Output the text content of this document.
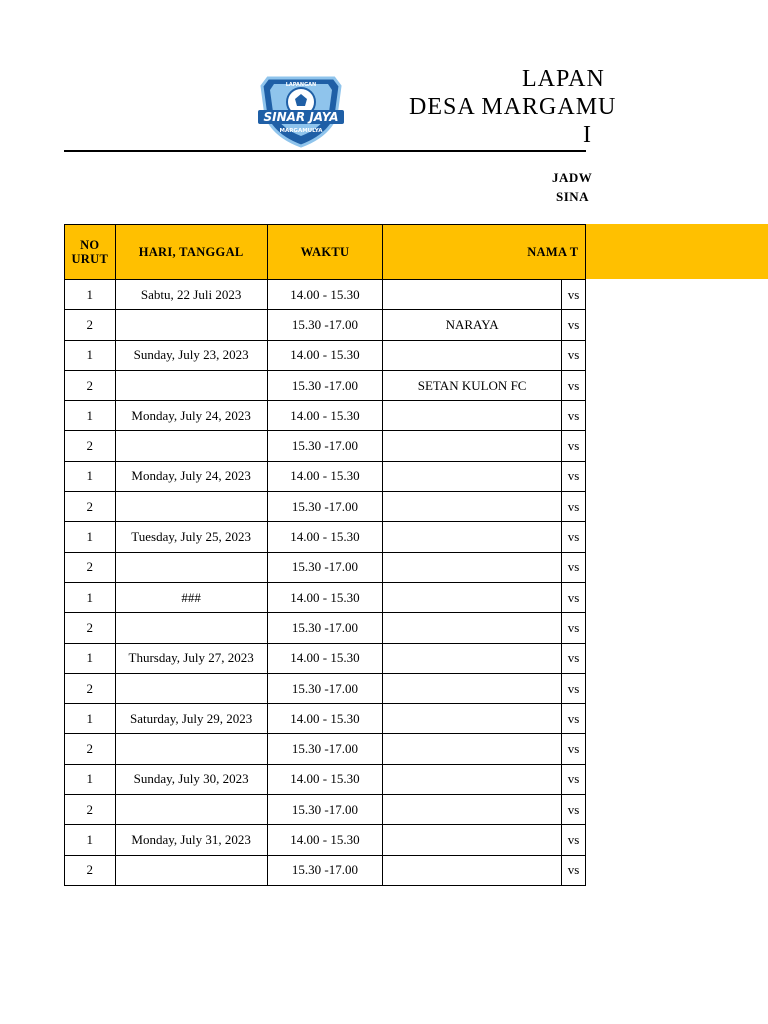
LAPANGAN
SINAR JAYA
MARGAMULYA
LAPAN
DESA MARGAMU
I
JADW
SINA
NO URUT	HARI, TANGGAL	WAKTU	NAMA T	
1	Sabtu, 22 Juli 2023	14.00 - 15.30		vs
2		15.30 -17.00	NARAYA	vs
1	Sunday, July 23, 2023	14.00 - 15.30		vs
2		15.30 -17.00	SETAN KULON FC	vs
1	Monday, July 24, 2023	14.00 - 15.30		vs
2		15.30 -17.00		vs
1	Monday, July 24, 2023	14.00 - 15.30		vs
2		15.30 -17.00		vs
1	Tuesday, July 25, 2023	14.00 - 15.30		vs
2		15.30 -17.00		vs
1	###	14.00 - 15.30		vs
2		15.30 -17.00		vs
1	Thursday, July 27, 2023	14.00 - 15.30		vs
2		15.30 -17.00		vs
1	Saturday, July 29, 2023	14.00 - 15.30		vs
2		15.30 -17.00		vs
1	Sunday, July 30, 2023	14.00 - 15.30		vs
2		15.30 -17.00		vs
1	Monday, July 31, 2023	14.00 - 15.30		vs
2		15.30 -17.00		vs
